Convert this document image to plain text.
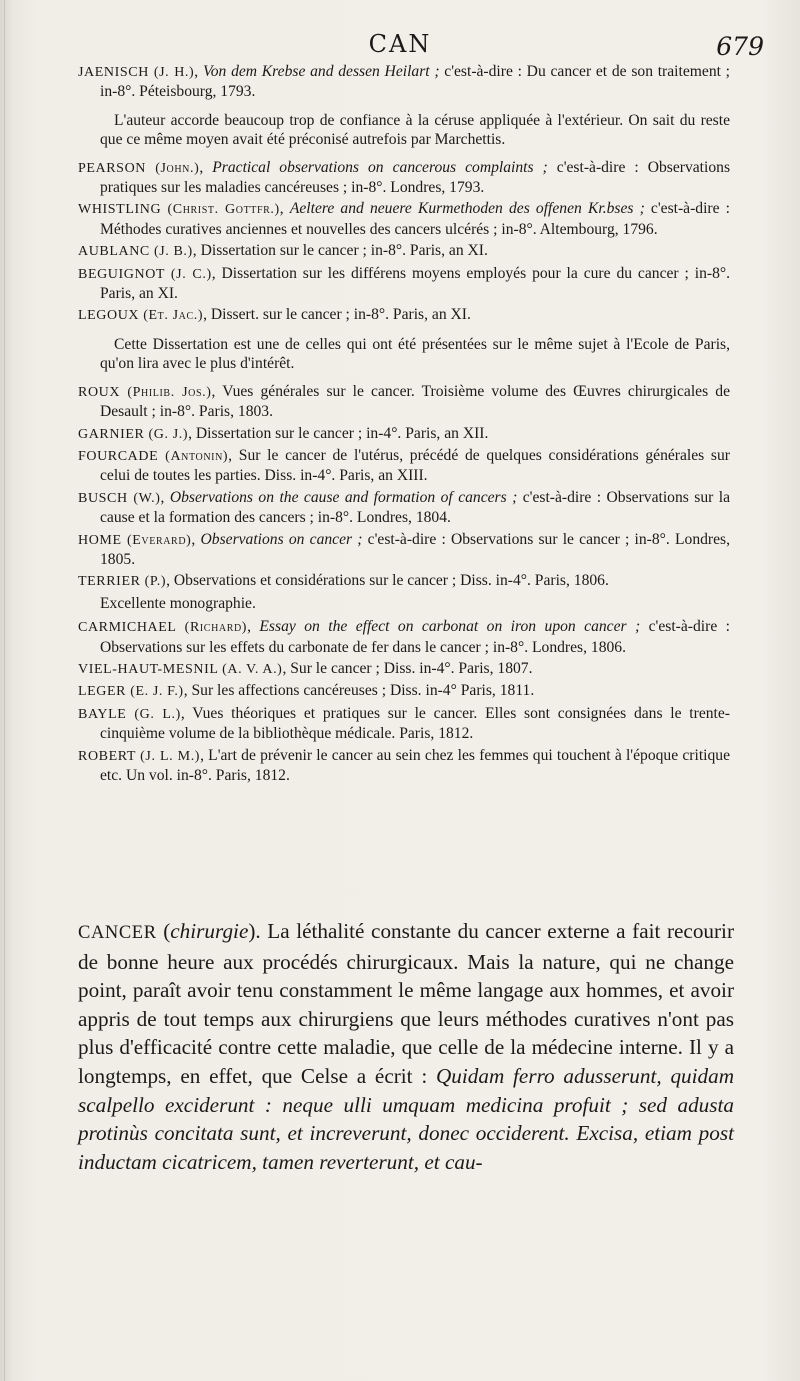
CAN	679
JAENISCH (J. H.), Von dem Krebse and dessen Heilart ; c'est-à-dire : Du cancer et de son traitement ; in-8°. Péteisbourg, 1793.
L'auteur accorde beaucoup trop de confiance à la céruse appliquée à l'extérieur. On sait du reste que ce même moyen avait été préconisé autrefois par Marchettis.
PEARSON (John.), Practical observations on cancerous complaints ; c'est-à-dire : Observations pratiques sur les maladies cancéreuses ; in-8°. Londres, 1793.
WHISTLING (Christ. Gottfr.), Aeltere and neuere Kurmethoden des offenen Kr.bses ; c'est-à-dire : Méthodes curatives anciennes et nouvelles des cancers ulcérés ; in-8°. Altembourg, 1796.
AUBLANC (J. B.), Dissertation sur le cancer ; in-8°. Paris, an XI.
BEGUIGNOT (J. C.), Dissertation sur les différens moyens employés pour la cure du cancer ; in-8°. Paris, an XI.
LEGOUX (Et. Jac.), Dissert. sur le cancer ; in-8°. Paris, an XI.
Cette Dissertation est une de celles qui ont été présentées sur le même sujet à l'Ecole de Paris, qu'on lira avec le plus d'intérêt.
ROUX (Philib. Jos.), Vues générales sur le cancer. Troisième volume des Œuvres chirurgicales de Desault ; in-8°. Paris, 1803.
GARNIER (G. J.), Dissertation sur le cancer ; in-4°. Paris, an XII.
FOURCADE (Antonin), Sur le cancer de l'utérus, précédé de quelques considérations générales sur celui de toutes les parties. Diss. in-4°. Paris, an XIII.
BUSCH (W.), Observations on the cause and formation of cancers ; c'est-à-dire : Observations sur la cause et la formation des cancers ; in-8°. Londres, 1804.
HOME (Everard), Observations on cancer ; c'est-à-dire : Observations sur le cancer ; in-8°. Londres, 1805.
TERRIER (P.), Observations et considérations sur le cancer ; Diss. in-4°. Paris, 1806.
Excellente monographie.
CARMICHAEL (Richard), Essay on the effect on carbonat on iron upon cancer ; c'est-à-dire : Observations sur les effets du carbonate de fer dans le cancer ; in-8°. Londres, 1806.
VIEL-HAUT-MESNIL (A. V. A.), Sur le cancer ; Diss. in-4°. Paris, 1807.
LEGER (E. J. F.), Sur les affections cancéreuses ; Diss. in-4° Paris, 1811.
BAYLE (G. L.), Vues théoriques et pratiques sur le cancer. Elles sont consignées dans le trente-cinquième volume de la bibliothèque médicale. Paris, 1812.
ROBERT (J. L. M.), L'art de prévenir le cancer au sein chez les femmes qui touchent à l'époque critique etc. Un vol. in-8°. Paris, 1812.
CANCER (chirurgie). La léthalité constante du cancer externe a fait recourir de bonne heure aux procédés chirurgicaux. Mais la nature, qui ne change point, paraît avoir tenu constamment le même langage aux hommes, et avoir appris de tout temps aux chirurgiens que leurs méthodes curatives n'ont pas plus d'efficacité contre cette maladie, que celle de la médecine interne. Il y a longtemps, en effet, que Celse a écrit : Quidam ferro adusserunt, quidam scalpello exciderunt : neque ulli umquam medicina profuit ; sed adusta protinùs concitata sunt, et increverunt, donec occiderent. Excisa, etiam post inductam cicatricem, tamen reverterunt, et cau-
